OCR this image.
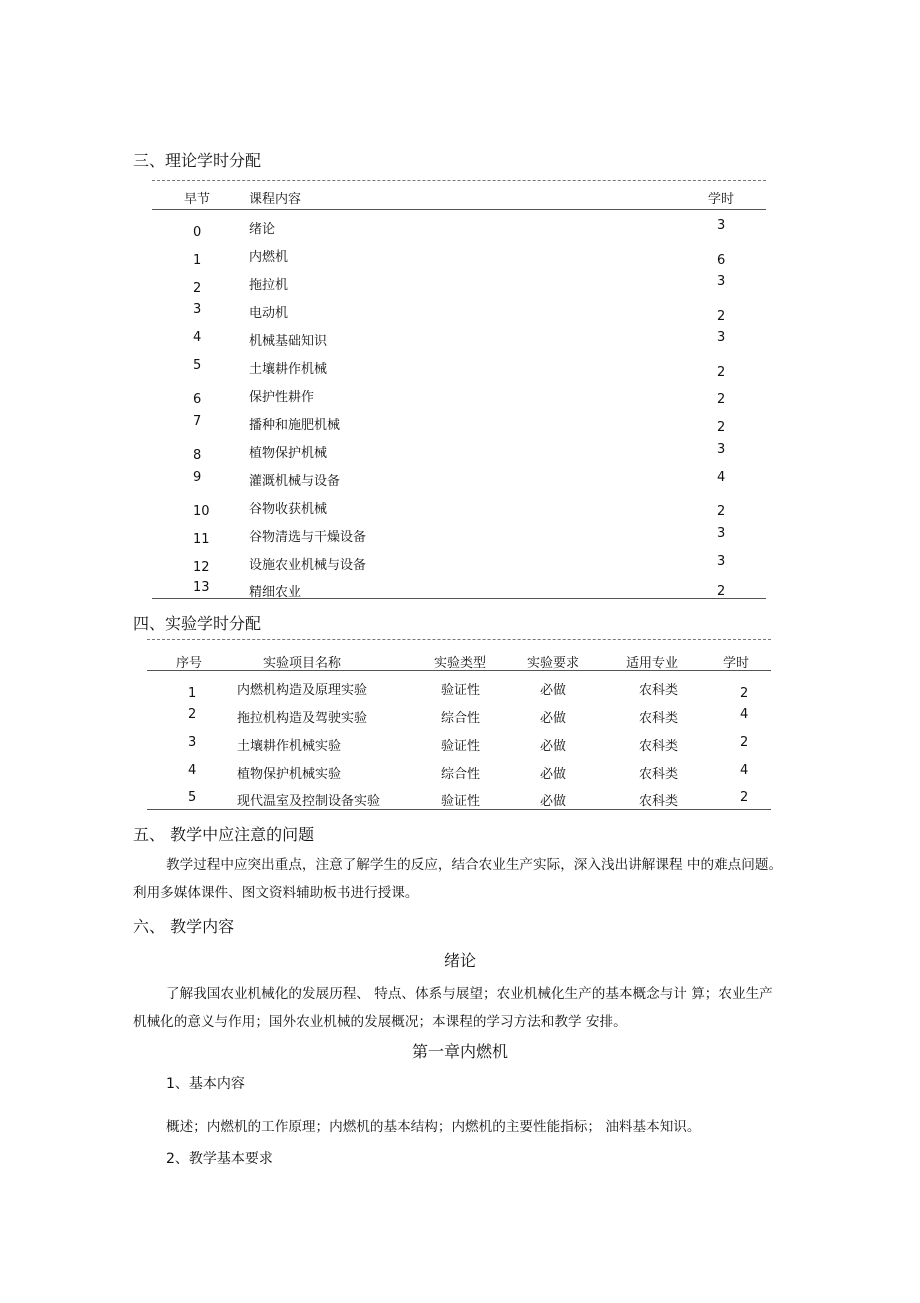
三、理论学时分配
早节	课程内容	学时
0	绪论	3
1	内燃机	6
2	拖拉机	3
3	电动机	2
4	机械基础知识	3
5	土壤耕作机械	2
6	保护性耕作	2
7	播种和施肥机械	2
8	植物保护机械	3
9	灌溉机械与设备	4
10	谷物收获机械	2
11	谷物清选与干燥设备	3
12	设施农业机械与设备	3
13	精细农业	2
四、实验学时分配
序号	实验项目名称	实验类型	实验要求	适用专业	学时
1	内燃机构造及原理实验	验证性	必做	农科类	2
2	拖拉机构造及驾驶实验	综合性	必做	农科类	4
3	土壤耕作机械实验	验证性	必做	农科类	2
4	植物保护机械实验	综合性	必做	农科类	4
5	现代温室及控制设备实验	验证性	必做	农科类	2
五、 教学中应注意的问题
教学过程中应突出重点，注意了解学生的反应，结合农业生产实际，深入浅出讲解课程 中的难点问题。
利用多媒体课件、图文资料辅助板书进行授课。
六、 教学内容
绪论
了解我国农业机械化的发展历程、 特点、体系与展望；农业机械化生产的基本概念与计 算；农业生产
机械化的意义与作用；国外农业机械的发展概况；本课程的学习方法和教学 安排。
第一章内燃机
1、基本内容
概述；内燃机的工作原理；内燃机的基本结构；内燃机的主要性能指标； 油料基本知识。
2、教学基本要求
